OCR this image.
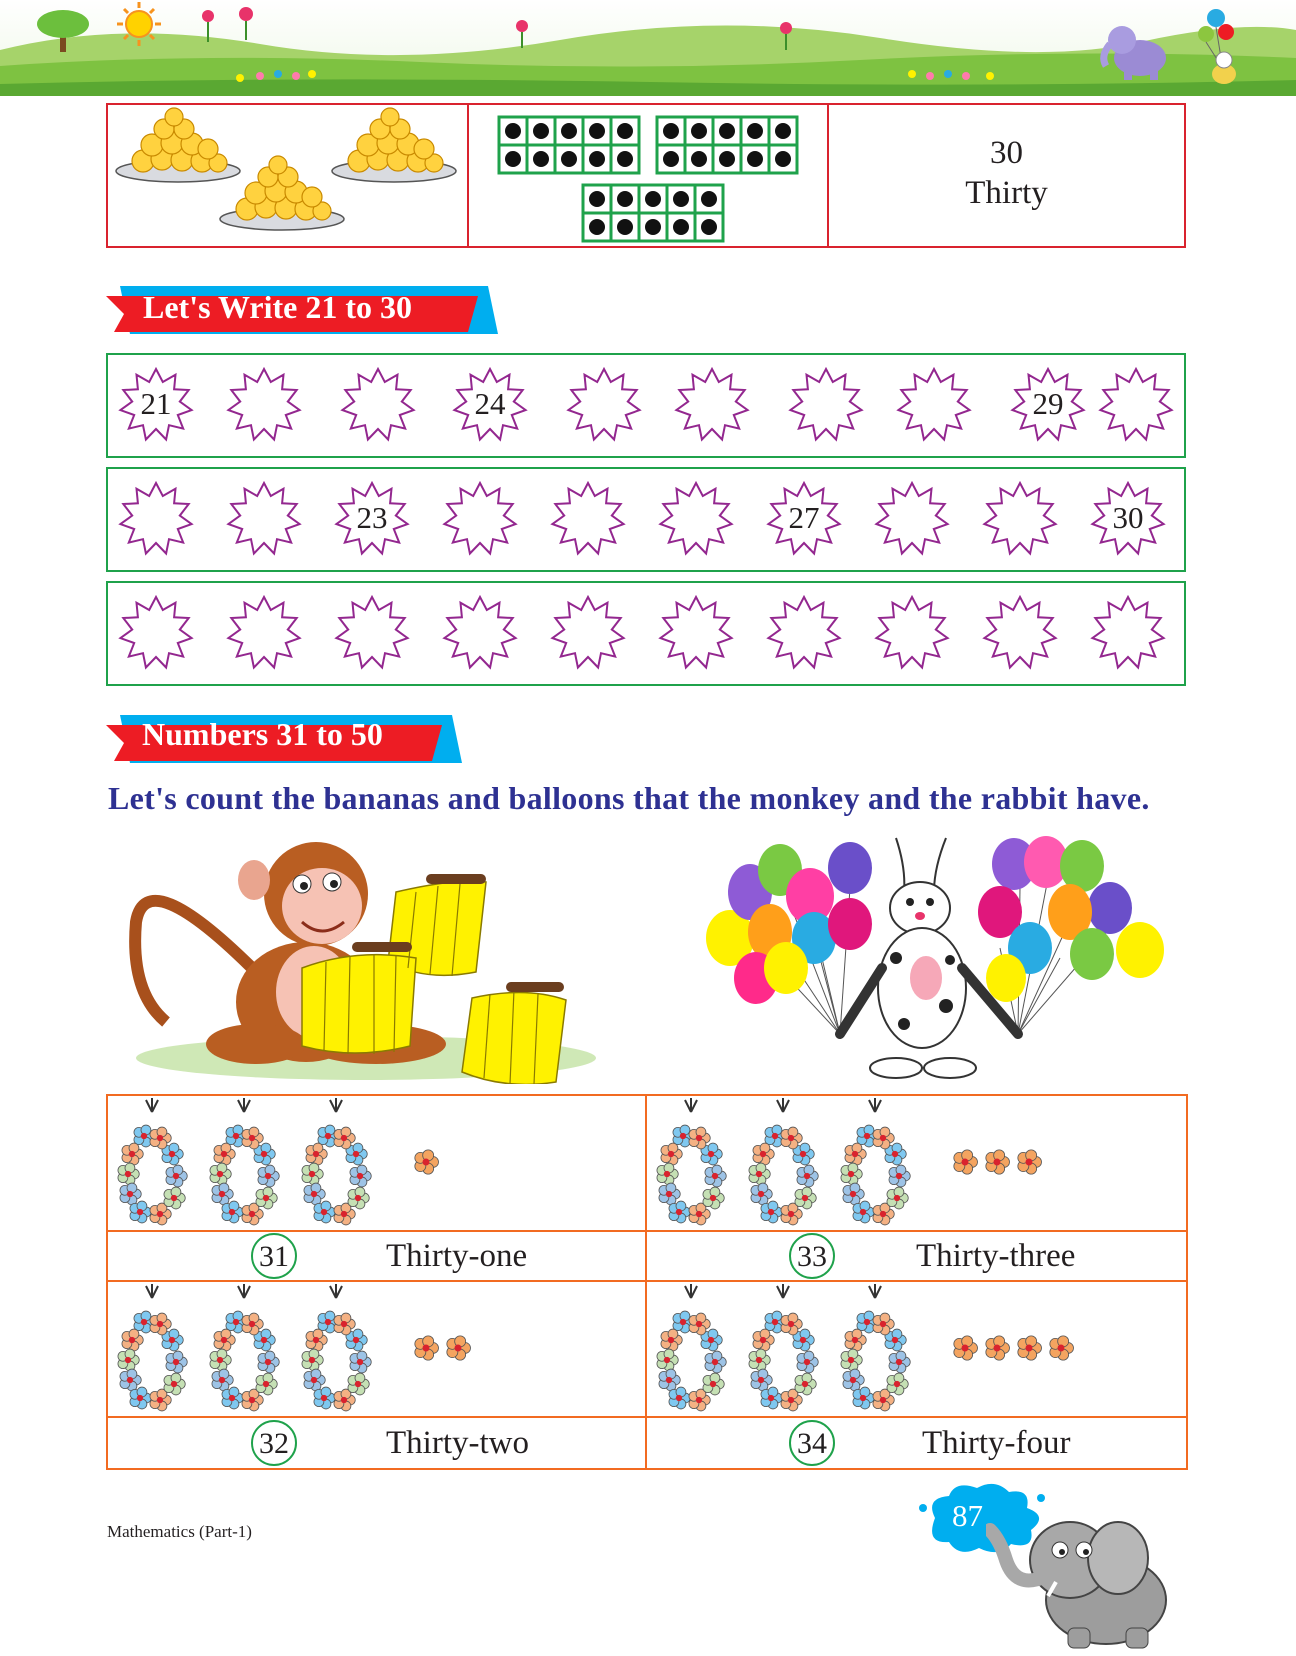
30
Thirty
Let's Write 21 to 30
21	24	29
23	27	30
Numbers 31 to 50
Let's count the bananas and balloons that the monkey and the rabbit have.
31	Thirty-one	33	Thirty-three
32	Thirty-two	34	Thirty-four
Mathematics (Part-1)	87
